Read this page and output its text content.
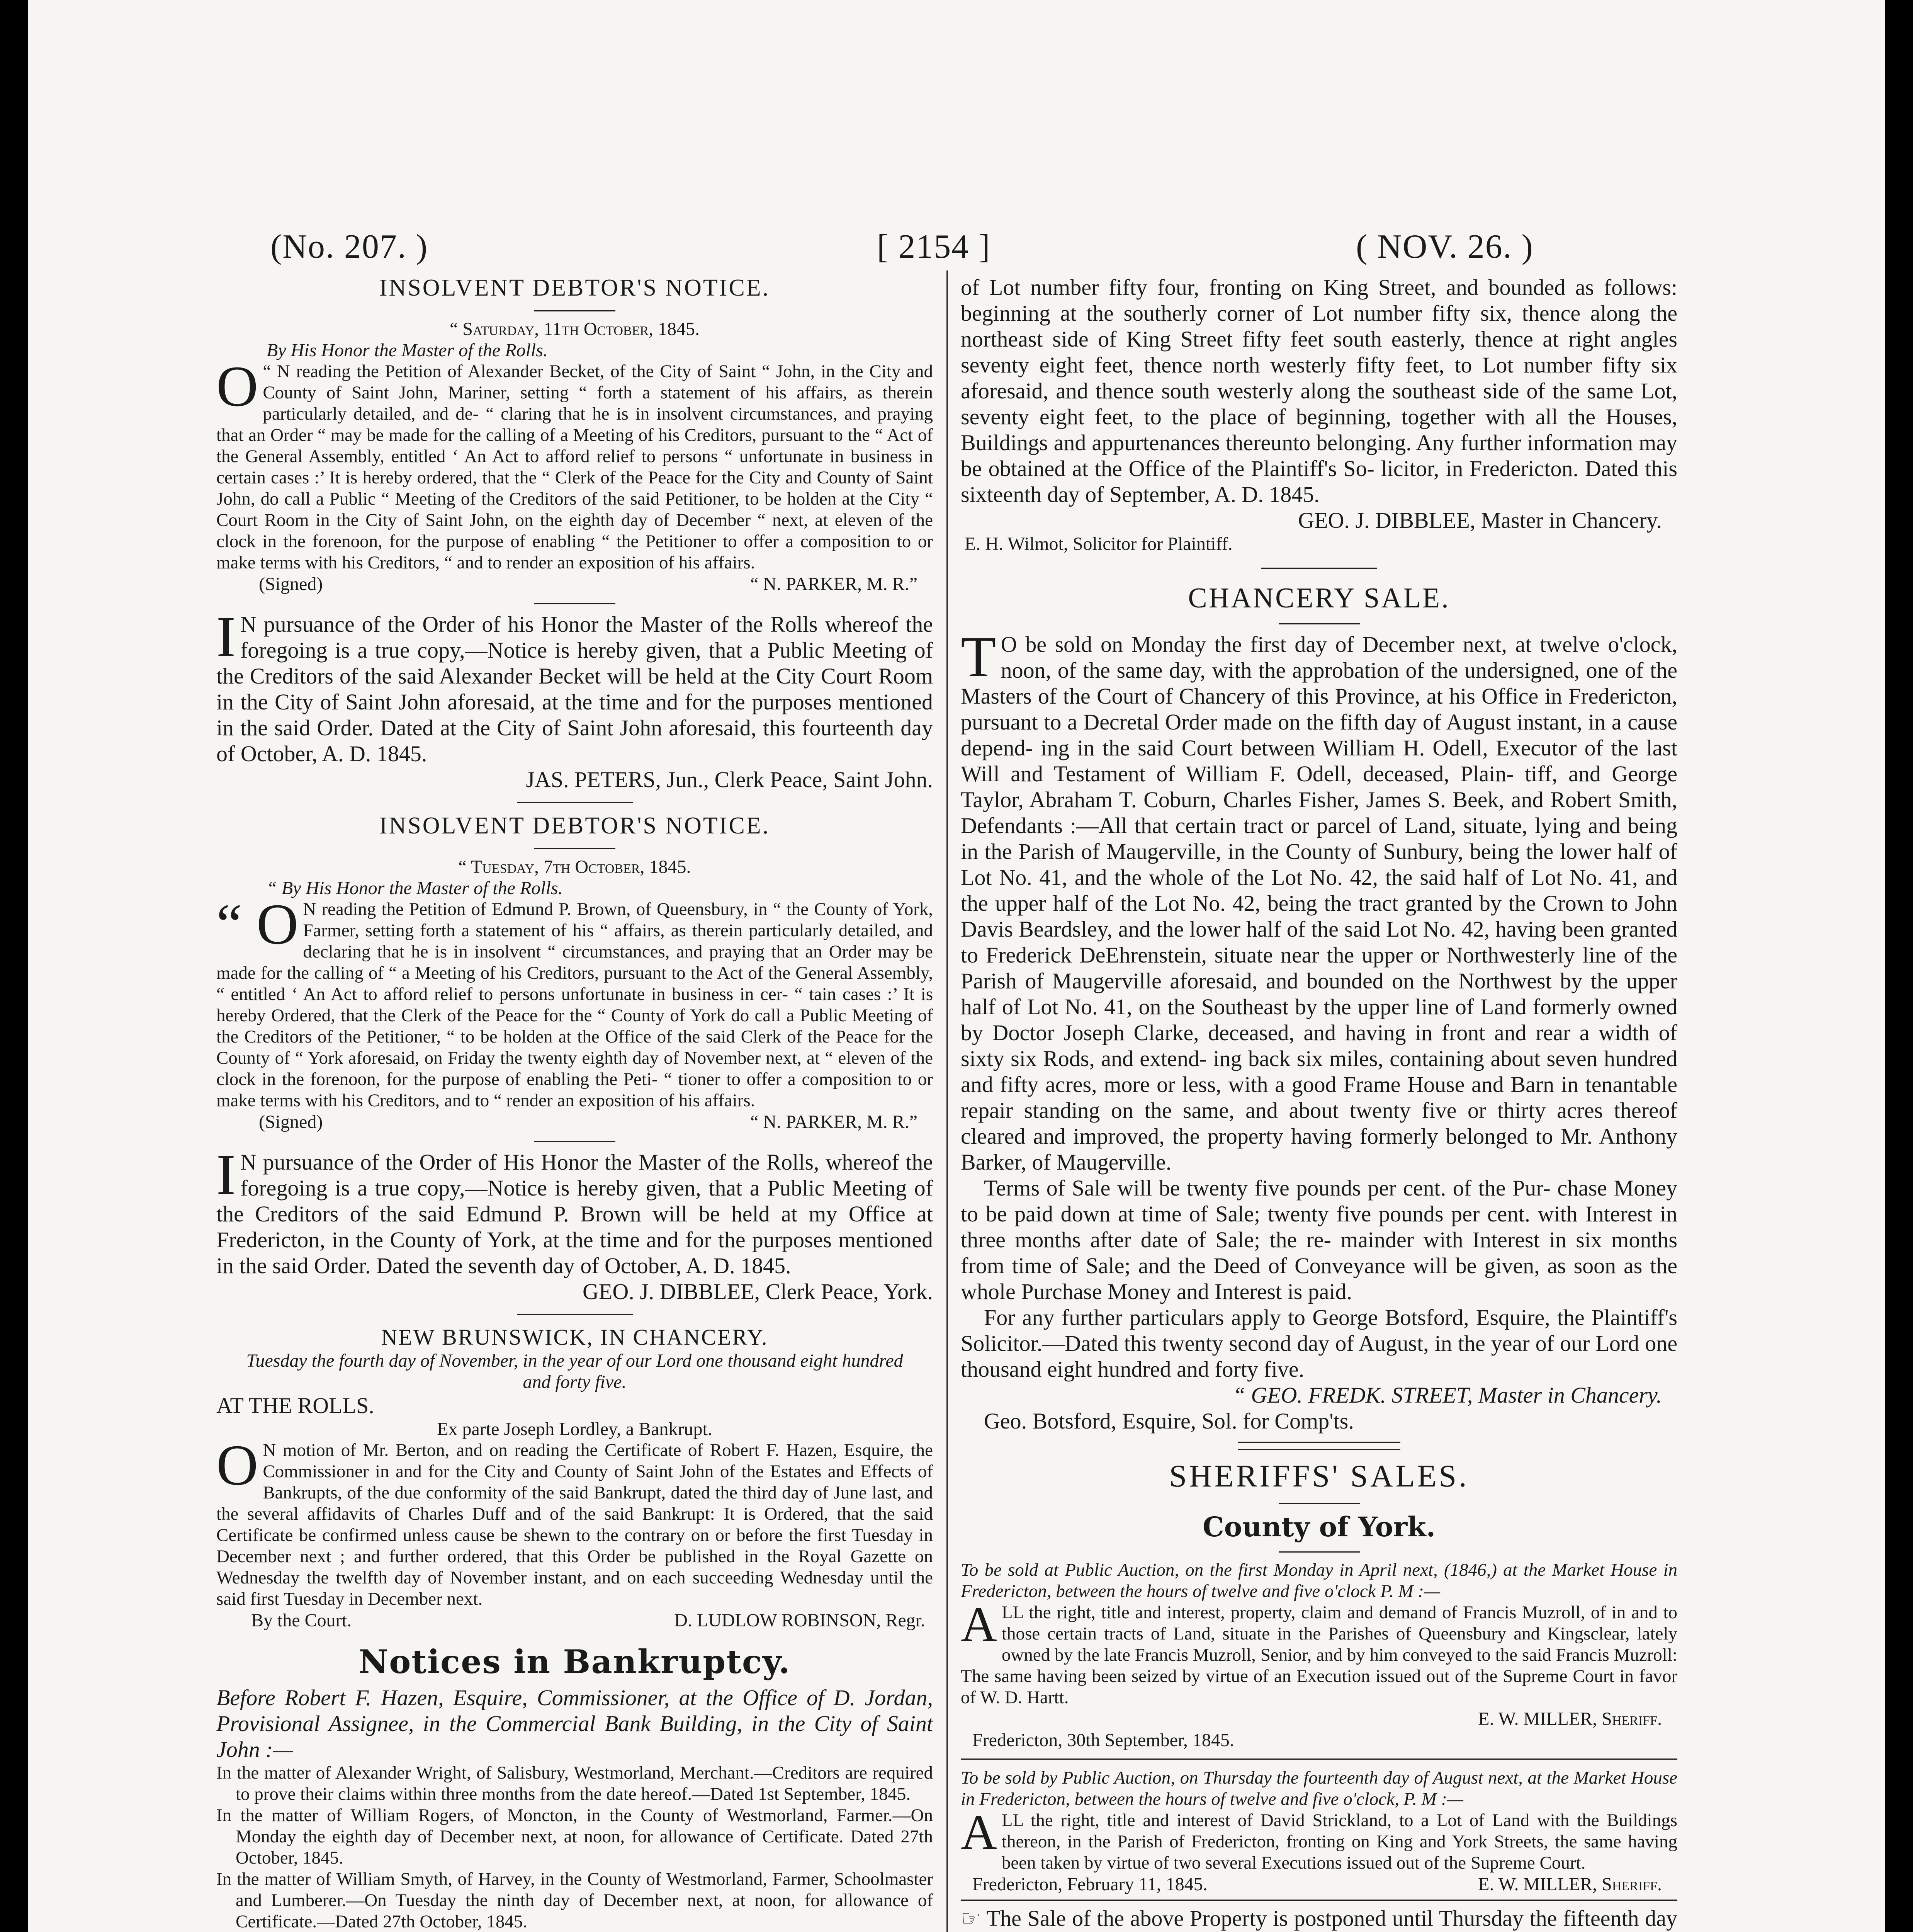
(No. 207. )	[ 2154 ]	( NOV. 26. )

INSOLVENT DEBTOR'S NOTICE.

“ Saturday, 11th October, 1845.

By His Honor the Master of the Rolls.

O “ N reading the Petition of Alexander Becket, of the City of Saint “ John, in the City and County of Saint John, Mariner, setting “ forth a statement of his affairs, as therein particularly detailed, and de- “ claring that he is in insolvent circumstances, and praying that an Order “ may be made for the calling of a Meeting of his Creditors, pursuant to the “ Act of the General Assembly, entitled ‘ An Act to afford relief to persons “ unfortunate in business in certain cases :’ It is hereby ordered, that the “ Clerk of the Peace for the City and County of Saint John, do call a Public “ Meeting of the Creditors of the said Petitioner, to be holden at the City “ Court Room in the City of Saint John, on the eighth day of December “ next, at eleven of the clock in the forenoon, for the purpose of enabling “ the Petitioner to offer a composition to or make terms with his Creditors, “ and to render an exposition of his affairs.
(Signed)	“ N. PARKER, M. R.”
I N pursuance of the Order of his Honor the Master of the Rolls whereof the foregoing is a true copy,—Notice is hereby given, that a Public Meeting of the Creditors of the said Alexander Becket will be held at the City Court Room in the City of Saint John aforesaid, at the time and for the purposes mentioned in the said Order. Dated at the City of Saint John aforesaid, this fourteenth day of October, A. D. 1845.

JAS. PETERS, Jun., Clerk Peace, Saint John.

INSOLVENT DEBTOR'S NOTICE.

“ Tuesday, 7th October, 1845.

“ By His Honor the Master of the Rolls.

“ O N reading the Petition of Edmund P. Brown, of Queensbury, in “ the County of York, Farmer, setting forth a statement of his “ affairs, as therein particularly detailed, and declaring that he is in insolvent “ circumstances, and praying that an Order may be made for the calling of “ a Meeting of his Creditors, pursuant to the Act of the General Assembly, “ entitled ‘ An Act to afford relief to persons unfortunate in business in cer- “ tain cases :’ It is hereby Ordered, that the Clerk of the Peace for the “ County of York do call a Public Meeting of the Creditors of the Petitioner, “ to be holden at the Office of the said Clerk of the Peace for the County of “ York aforesaid, on Friday the twenty eighth day of November next, at “ eleven of the clock in the forenoon, for the purpose of enabling the Peti- “ tioner to offer a composition to or make terms with his Creditors, and to “ render an exposition of his affairs.
(Signed)	“ N. PARKER, M. R.”
I N pursuance of the Order of His Honor the Master of the Rolls, whereof the foregoing is a true copy,—Notice is hereby given, that a Public Meeting of the Creditors of the said Edmund P. Brown will be held at my Office at Fredericton, in the County of York, at the time and for the purposes mentioned in the said Order. Dated the seventh day of October, A. D. 1845.

GEO. J. DIBBLEE, Clerk Peace, York.

NEW BRUNSWICK, IN CHANCERY.

Tuesday the fourth day of November, in the year of our Lord one thousand eight hundred and forty five.

AT THE ROLLS.

Ex parte Joseph Lordley, a Bankrupt.

O N motion of Mr. Berton, and on reading the Certificate of Robert F. Hazen, Esquire, the Commissioner in and for the City and County of Saint John of the Estates and Effects of Bankrupts, of the due conformity of the said Bankrupt, dated the third day of June last, and the several affidavits of Charles Duff and of the said Bankrupt: It is Ordered, that the said Certificate be confirmed unless cause be shewn to the contrary on or before the first Tuesday in December next ; and further ordered, that this Order be published in the Royal Gazette on Wednesday the twelfth day of November instant, and on each succeeding Wednesday until the said first Tuesday in December next.
By the Court.	D. LUDLOW ROBINSON, Regr.

Notices in Bankruptcy.

Before Robert F. Hazen, Esquire, Commissioner, at the Office of D. Jordan, Provisional Assignee, in the Commercial Bank Building, in the City of Saint John :—

In the matter of Alexander Wright, of Salisbury, Westmorland, Merchant.—Creditors are required to prove their claims within three months from the date hereof.—Dated 1st September, 1845.

In the matter of William Rogers, of Moncton, in the County of Westmorland, Farmer.—On Monday the eighth day of December next, at noon, for allowance of Certificate. Dated 27th October, 1845.

In the matter of William Smyth, of Harvey, in the County of Westmorland, Farmer, Schoolmaster and Lumberer.—On Tuesday the ninth day of December next, at noon, for allowance of Certificate.—Dated 27th October, 1845.

of Lot number fifty four, fronting on King Street, and bounded as follows: beginning at the southerly corner of Lot number fifty six, thence along the northeast side of King Street fifty feet south easterly, thence at right angles seventy eight feet, thence north westerly fifty feet, to Lot number fifty six aforesaid, and thence south westerly along the southeast side of the same Lot, seventy eight feet, to the place of beginning, together with all the Houses, Buildings and appurtenances thereunto belonging. Any further information may be obtained at the Office of the Plaintiff's So- licitor, in Fredericton. Dated this sixteenth day of September, A. D. 1845.

GEO. J. DIBBLEE, Master in Chancery.

E. H. Wilmot, Solicitor for Plaintiff.

CHANCERY SALE.

T O be sold on Monday the first day of December next, at twelve o'clock, noon, of the same day, with the approbation of the undersigned, one of the Masters of the Court of Chancery of this Province, at his Office in Fredericton, pursuant to a Decretal Order made on the fifth day of August instant, in a cause depend- ing in the said Court between William H. Odell, Executor of the last Will and Testament of William F. Odell, deceased, Plain- tiff, and George Taylor, Abraham T. Coburn, Charles Fisher, James S. Beek, and Robert Smith, Defendants :—All that certain tract or parcel of Land, situate, lying and being in the Parish of Maugerville, in the County of Sunbury, being the lower half of Lot No. 41, and the whole of the Lot No. 42, the said half of Lot No. 41, and the upper half of the Lot No. 42, being the tract granted by the Crown to John Davis Beardsley, and the lower half of the said Lot No. 42, having been granted to Frederick DeEhrenstein, situate near the upper or Northwesterly line of the Parish of Maugerville aforesaid, and bounded on the Northwest by the upper half of Lot No. 41, on the Southeast by the upper line of Land formerly owned by Doctor Joseph Clarke, deceased, and having in front and rear a width of sixty six Rods, and extend- ing back six miles, containing about seven hundred and fifty acres, more or less, with a good Frame House and Barn in tenantable repair standing on the same, and about twenty five or thirty acres thereof cleared and improved, the property having formerly belonged to Mr. Anthony Barker, of Maugerville.

Terms of Sale will be twenty five pounds per cent. of the Pur- chase Money to be paid down at time of Sale; twenty five pounds per cent. with Interest in three months after date of Sale; the re- mainder with Interest in six months from time of Sale; and the Deed of Conveyance will be given, as soon as the whole Purchase Money and Interest is paid.

For any further particulars apply to George Botsford, Esquire, the Plaintiff's Solicitor.—Dated this twenty second day of August, in the year of our Lord one thousand eight hundred and forty five.

“ GEO. FREDK. STREET, Master in Chancery.

Geo. Botsford, Esquire, Sol. for Comp'ts.

SHERIFFS' SALES.

County of York.

To be sold at Public Auction, on the first Monday in April next, (1846,) at the Market House in Fredericton, between the hours of twelve and five o'clock P. M :—

A LL the right, title and interest, property, claim and demand of Francis Muzroll, of in and to those certain tracts of Land, situate in the Parishes of Queensbury and Kingsclear, lately owned by the late Francis Muzroll, Senior, and by him conveyed to the said Francis Muzroll: The same having been seized by virtue of an Execution issued out of the Supreme Court in favor of W. D. Hartt.

E. W. MILLER, Sheriff.

Fredericton, 30th September, 1845.

To be sold by Public Auction, on Thursday the fourteenth day of August next, at the Market House in Fredericton, between the hours of twelve and five o'clock, P. M :—

A LL the right, title and interest of David Strickland, to a Lot of Land with the Buildings thereon, in the Parish of Fredericton, fronting on King and York Streets, the same having been taken by virtue of two several Executions issued out of the Supreme Court.
Fredericton, February 11, 1845.	E. W. MILLER, Sheriff.

☞ The Sale of the above Property is postponed until Thursday the fifteenth day
